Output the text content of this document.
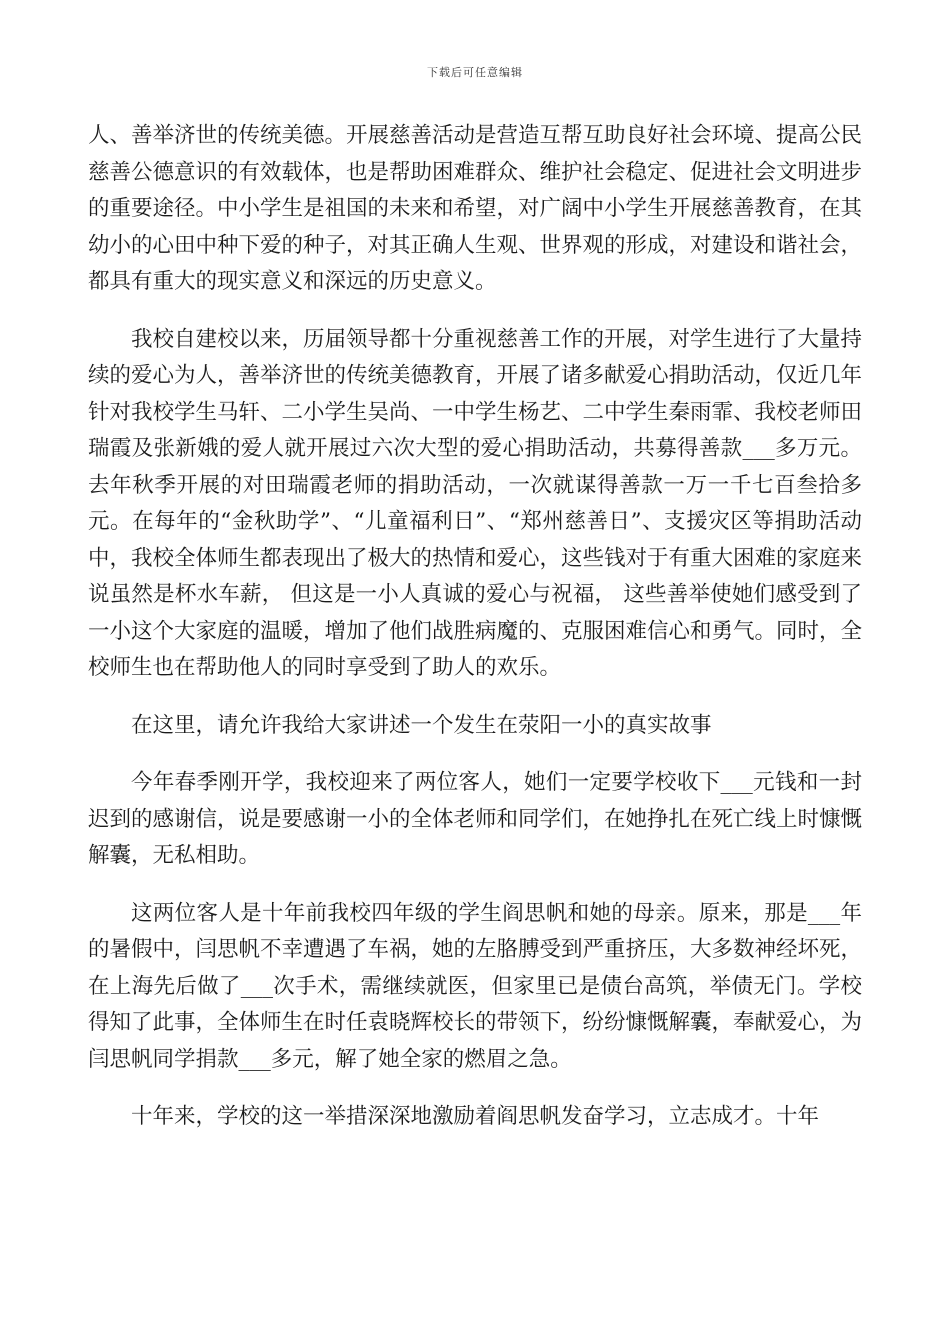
下载后可任意编辑

人、善举济世的传统美德。开展慈善活动是营造互帮互助良好社会环境、提高公民慈善公德意识的有效载体，也是帮助困难群众、维护社会稳定、促进社会文明进步的重要途径。中小学生是祖国的未来和希望，对广阔中小学生开展慈善教育，在其幼小的心田中种下爱的种子，对其正确人生观、世界观的形成，对建设和谐社会，都具有重大的现实意义和深远的历史意义。

我校自建校以来，历届领导都十分重视慈善工作的开展，对学生进行了大量持续的爱心为人，善举济世的传统美德教育，开展了诸多献爱心捐助活动，仅近几年针对我校学生马轩、二小学生吴尚、一中学生杨艺、二中学生秦雨霏、我校老师田瑞霞及张新娥的爱人就开展过六次大型的爱心捐助活动，共募得善款___多万元。去年秋季开展的对田瑞霞老师的捐助活动，一次就谋得善款一万一千七百叁拾多元。在每年的“金秋助学”、“儿童福利日”、“郑州慈善日”、支援灾区等捐助活动中，我校全体师生都表现出了极大的热情和爱心，这些钱对于有重大困难的家庭来说虽然是杯水车薪， 但这是一小人真诚的爱心与祝福， 这些善举使她们感受到了一小这个大家庭的温暖，增加了他们战胜病魔的、克服困难信心和勇气。同时，全校师生也在帮助他人的同时享受到了助人的欢乐。

在这里，请允许我给大家讲述一个发生在荥阳一小的真实故事

今年春季刚开学，我校迎来了两位客人，她们一定要学校收下___元钱和一封迟到的感谢信，说是要感谢一小的全体老师和同学们，在她挣扎在死亡线上时慷慨解囊，无私相助。

这两位客人是十年前我校四年级的学生阎思帆和她的母亲。原来，那是___年的暑假中，闫思帆不幸遭遇了车祸，她的左胳膊受到严重挤压，大多数神经坏死，在上海先后做了___次手术，需继续就医，但家里已是债台高筑，举债无门。学校得知了此事，全体师生在时任袁晓辉校长的带领下，纷纷慷慨解囊，奉献爱心，为闫思帆同学捐款___多元，解了她全家的燃眉之急。

十年来，学校的这一举措深深地激励着阎思帆发奋学习，立志成才。十年
